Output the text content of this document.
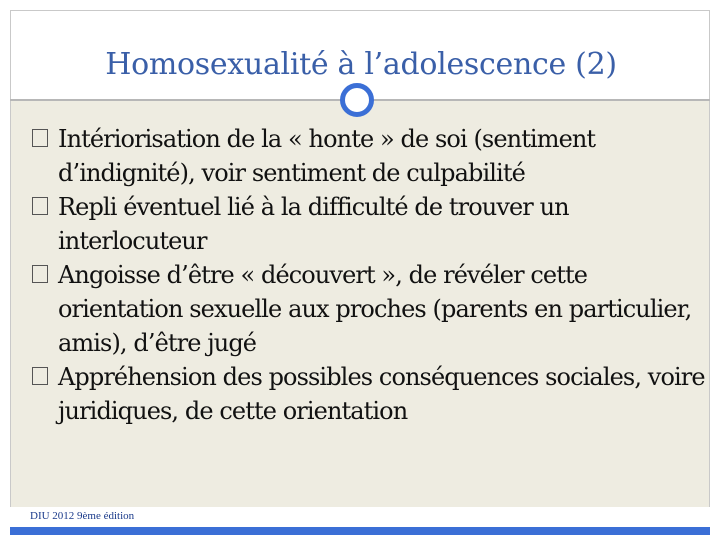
Homosexualité à l’adolescence (2)
Intériorisation de la « honte » de soi (sentiment d’indignité), voir sentiment de culpabilité
Repli éventuel lié à la difficulté de trouver un interlocuteur
Angoisse d’être « découvert », de révéler cette orientation sexuelle aux proches (parents en particulier, amis), d’être jugé
Appréhension des possibles conséquences sociales, voire juridiques, de cette orientation
DIU 2012 9ème édition
